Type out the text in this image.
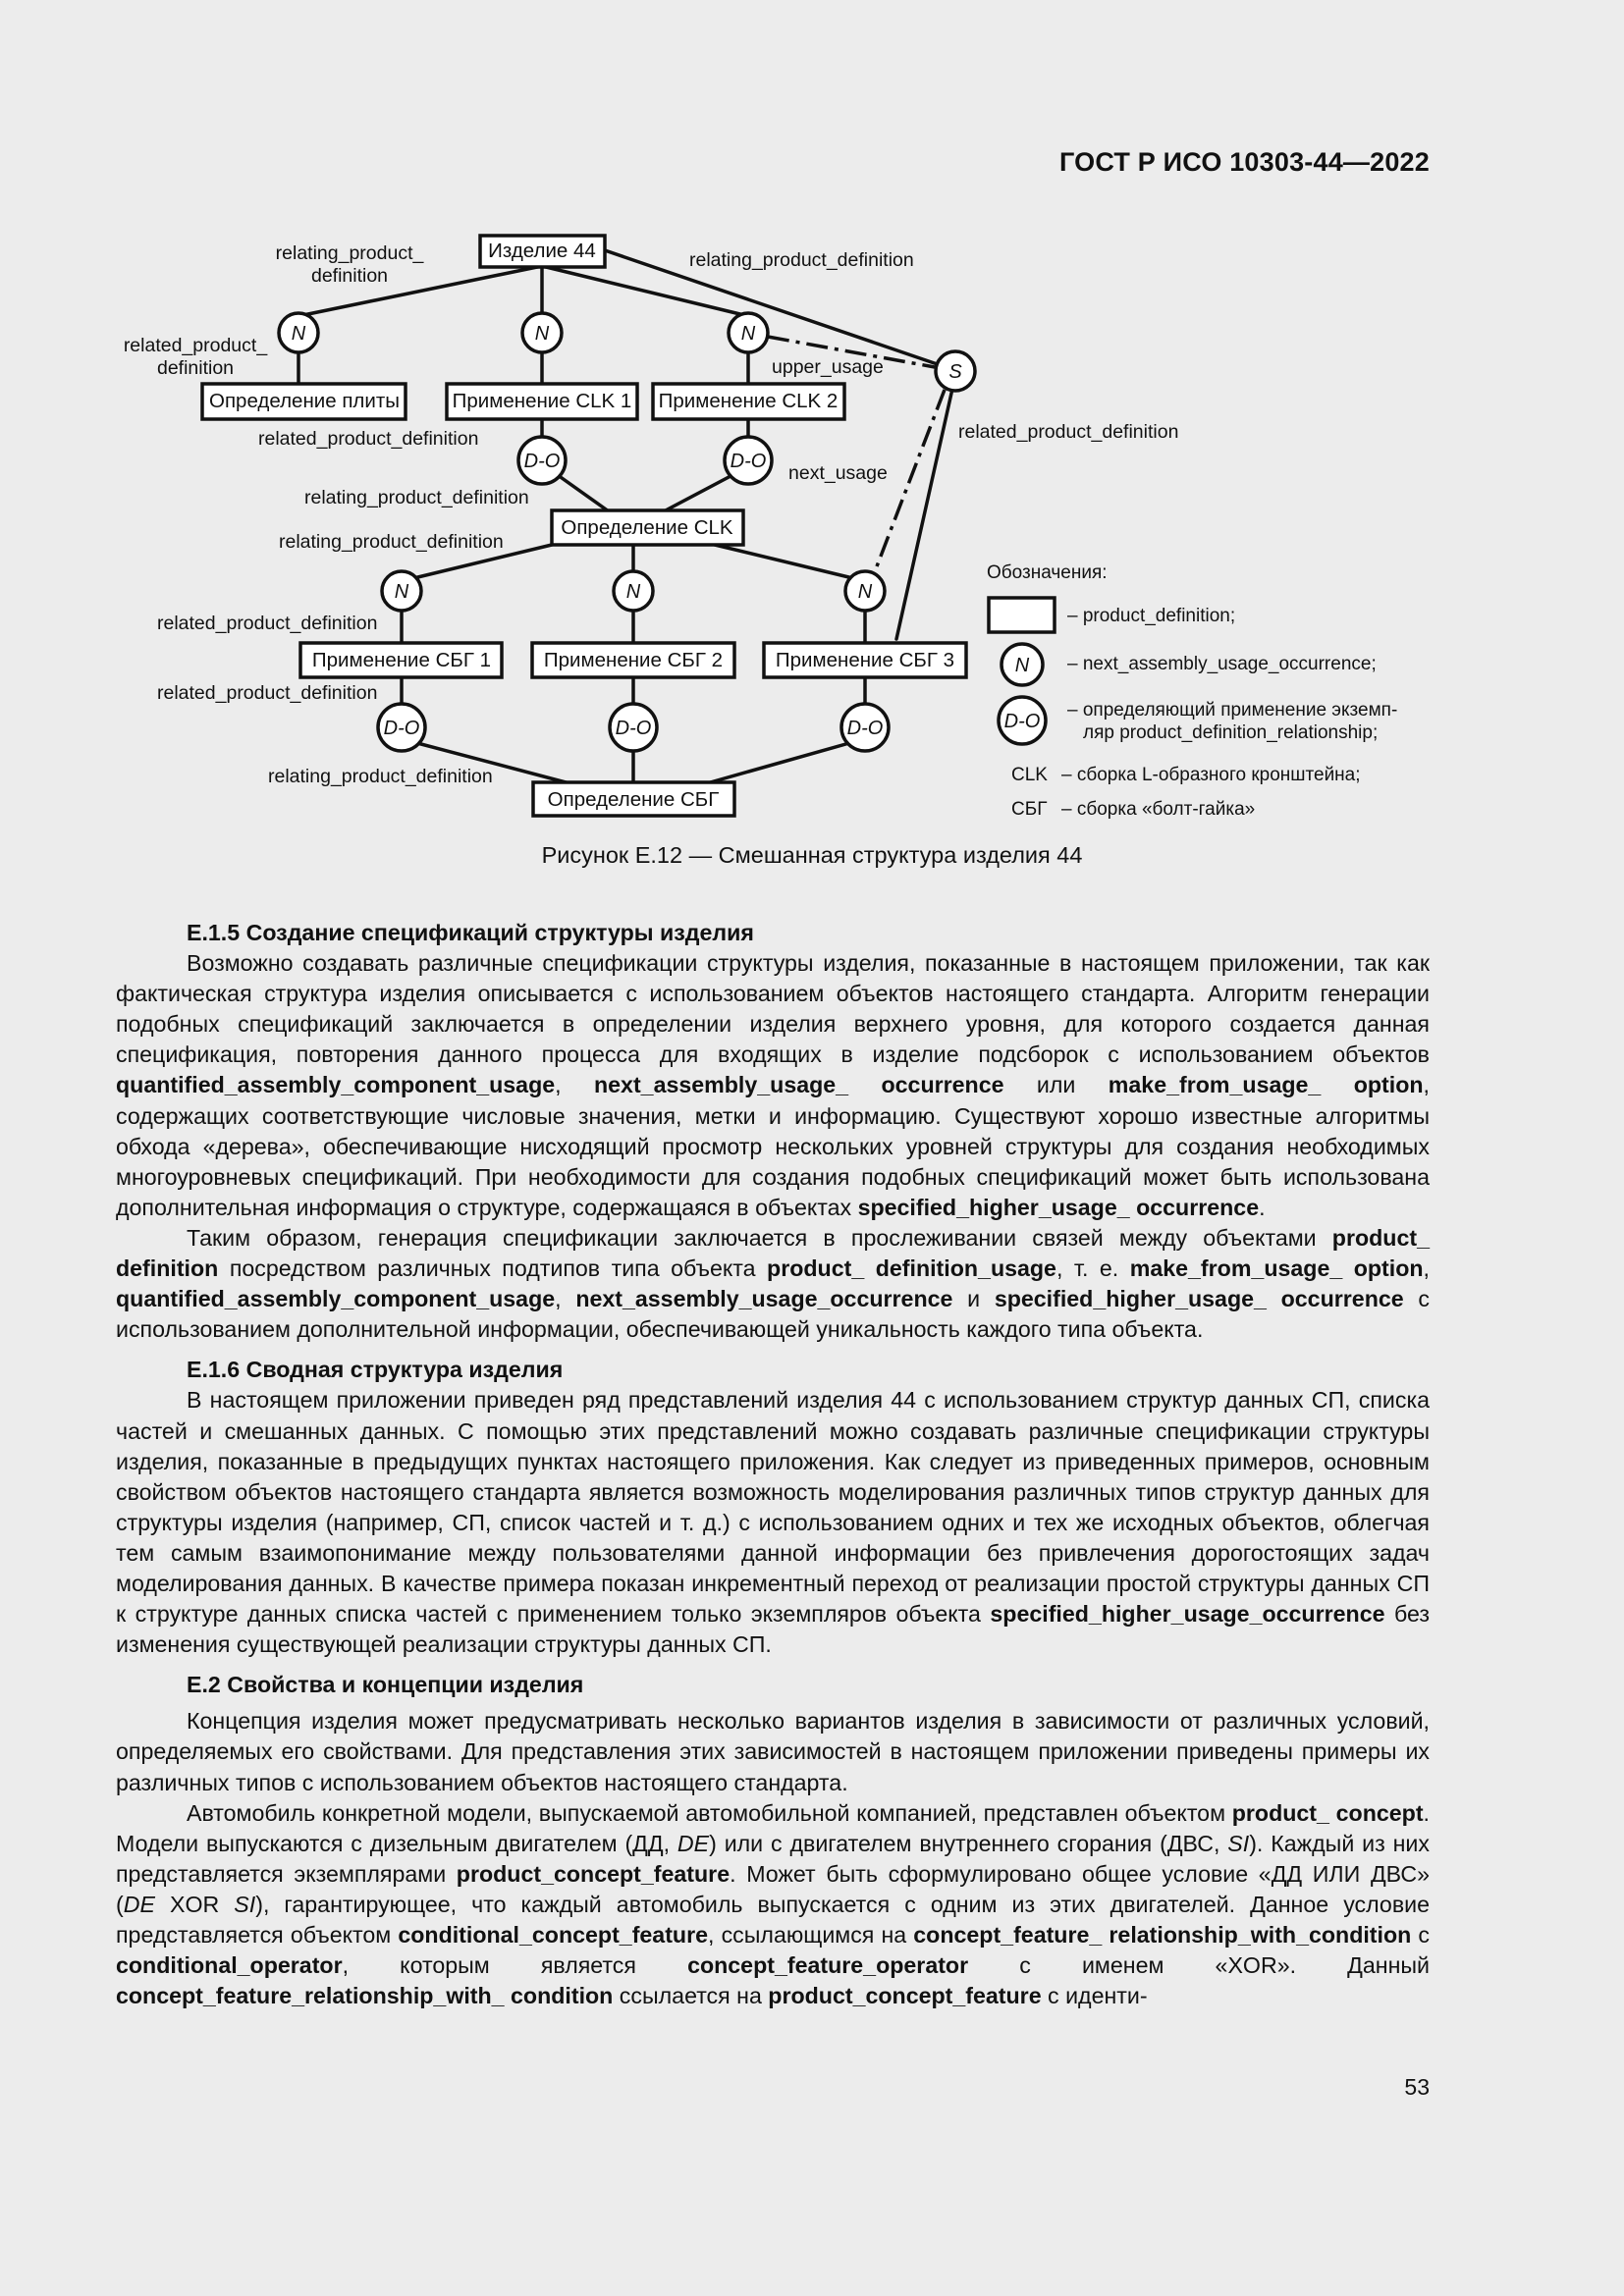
ГОСТ Р ИСО 10303-44—2022
Изделие 44
Определение плиты	Применение CLK 1 Применение CLK 2
Определение CLK
Применение СБГ 1	Применение СБГ 2	Применение СБГ 3
Определение СБГ
N	N	N
S
D-O	D-O
N	N	N
D-O	D-O	D-O
N
D-O
relating_product_
definition
relating_product_definition
related_product_
definition	upper_usage
related_product_definition	related_product_definition
relating_product_definition
next_usage
relating_product_definition
related_product_definition
related_product_definition
relating_product_definition
Обозначения:
– product_definition;
– next_assembly_usage_occurrence;
– определяющий применение экземп-
ляр product_definition_relationship;
CLK – сборка L-образного кронштейна;
СБГ – сборка «болт-гайка»
Рисунок Е.12 — Смешанная структура изделия 44

Е.1.5 Создание спецификаций структуры изделия

Возможно создавать различные спецификации структуры изделия, показанные в настоящем приложении, так как фактическая структура изделия описывается с использованием объектов настоящего стандарта. Алгоритм генерации подобных спецификаций заключается в определении изделия верхнего уровня, для которого создается данная спецификация, повторения данного процесса для входящих в изделие подсборок с использованием объектов quantified_assembly_component_usage, next_assembly_usage_ occurrence или make_from_usage_ option, содержащих соответствующие числовые значения, метки и информацию. Существуют хорошо известные алгоритмы обхода «дерева», обеспечивающие нисходящий просмотр нескольких уровней структуры для создания необходимых многоуровневых спецификаций. При необходимости для создания подобных спецификаций может быть использована дополнительная информация о структуре, содержащаяся в объектах specified_higher_usage_ occurrence.

Таким образом, генерация спецификации заключается в прослеживании связей между объектами product_ definition посредством различных подтипов типа объекта product_ definition_usage, т. е. make_from_usage_ option, quantified_assembly_component_usage, next_assembly_usage_occurrence и specified_higher_usage_ occurrence с использованием дополнительной информации, обеспечивающей уникальность каждого типа объекта.

Е.1.6 Сводная структура изделия

В настоящем приложении приведен ряд представлений изделия 44 с использованием структур данных СП, списка частей и смешанных данных. С помощью этих представлений можно создавать различные спецификации структуры изделия, показанные в предыдущих пунктах настоящего приложения. Как следует из приведенных примеров, основным свойством объектов настоящего стандарта является возможность моделирования различных типов структур данных для структуры изделия (например, СП, список частей и т. д.) с использованием одних и тех же исходных объектов, облегчая тем самым взаимопонимание между пользователями данной информации без привлечения дорогостоящих задач моделирования данных. В качестве примера показан инкрементный переход от реализации простой структуры данных СП к структуре данных списка частей с применением только экземпляров объекта specified_higher_usage_occurrence без изменения существующей реализации структуры данных СП.

Е.2 Свойства и концепции изделия

Концепция изделия может предусматривать несколько вариантов изделия в зависимости от различных условий, определяемых его свойствами. Для представления этих зависимостей в настоящем приложении приведены примеры их различных типов с использованием объектов настоящего стандарта.

Автомобиль конкретной модели, выпускаемой автомобильной компанией, представлен объектом product_ concept. Модели выпускаются с дизельным двигателем (ДД, DE) или с двигателем внутреннего сгорания (ДВС, SI). Каждый из них представляется экземплярами product_concept_feature. Может быть сформулировано общее условие «ДД ИЛИ ДВС» (DE XOR SI), гарантирующее, что каждый автомобиль выпускается с одним из этих двигателей. Данное условие представляется объектом conditional_concept_feature, ссылающимся на concept_feature_ relationship_with_condition с conditional_operator, которым является concept_feature_operator с именем «XOR». Данный concept_feature_relationship_with_ condition ссылается на product_concept_feature с иденти-

53
